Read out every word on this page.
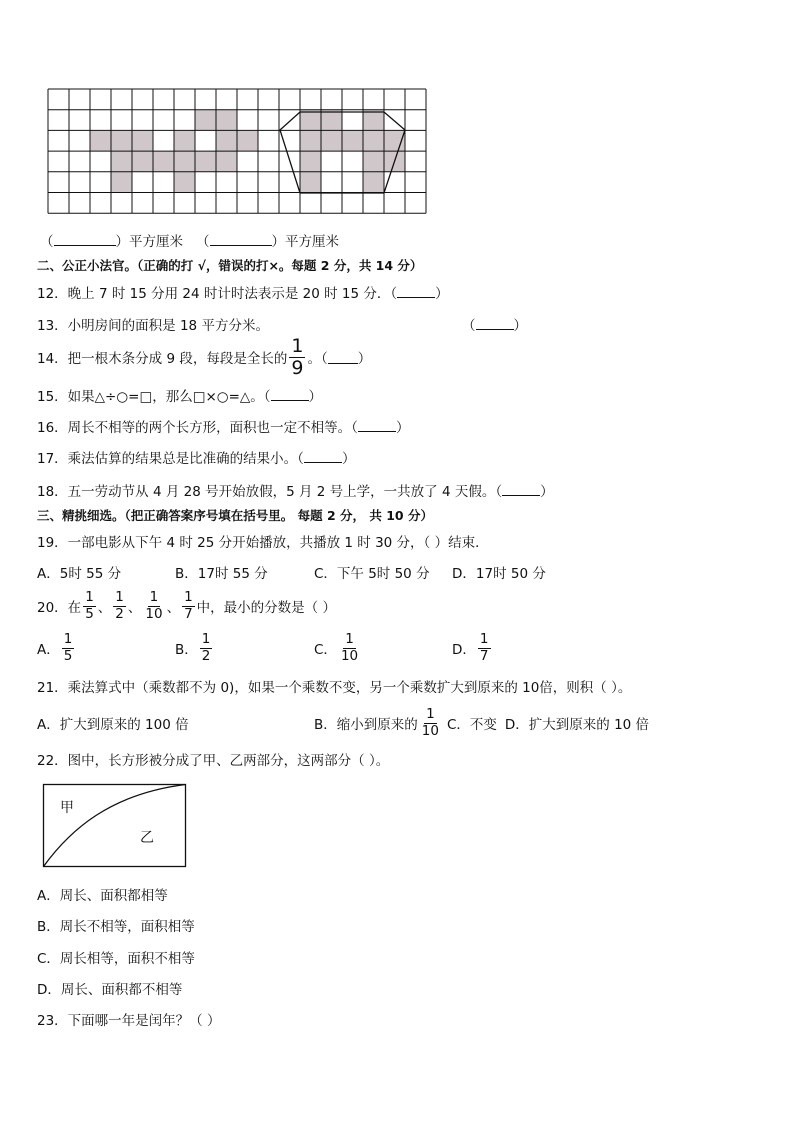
（	）平方厘米 （	）平方厘米
二、公正小法官。（正确的打 √，错误的打×。每题 2 分，共 14 分）
12．晚上 7 时 15 分用 24 时计时法表示是 20 时 15 分．（	）
13．小明房间的面积是 18 平方分米。	（	）
14．把一根木条分成 9 段，每段是全长的 $\frac{1}{9}$ 。（ ）
15．如果△÷○=□，那么□×○=△。（	）
16．周长不相等的两个长方形，面积也一定不相等。（	）
17．乘法估算的结果总是比准确的结果小。（	）
18．五一劳动节从 4 月 28 号开始放假，5 月 2 号上学，一共放了 4 天假。（	）
三、精挑细选。（把正确答案序号填在括号里。 每题 2 分， 共 10 分）
19．一部电影从下午 4 时 25 分开始播放，共播放 1 时 30 分，（ ）结束．
A．5时 55 分	B．17时 55 分	C．下午 5时 50 分 D．17时 50 分
20．在 $\frac{1}{5}$ 、 $\frac{1}{2}$ 、 $\frac{1}{10}$ 、 $\frac{1}{7}$ 中，最小的分数是（ ）
A． $\frac{1}{5}$	B． $\frac{1}{2}$	C． $\frac{1}{10}$	D． $\frac{1}{7}$
21．乘法算式中（乘数都不为 0)，如果一个乘数不变，另一个乘数扩大到原来的 10倍，则积（ ）。
A．扩大到原来的 100 倍	B．缩小到原来的 $\frac{1}{10}$ C．不变 D．扩大到原来的 10 倍
22．图中，长方形被分成了甲、乙两部分，这两部分（ ）。
甲
乙
A．周长、面积都相等
B．周长不相等，面积相等
C．周长相等，面积不相等
D．周长、面积都不相等
23．下面哪一年是闰年？（ ）
